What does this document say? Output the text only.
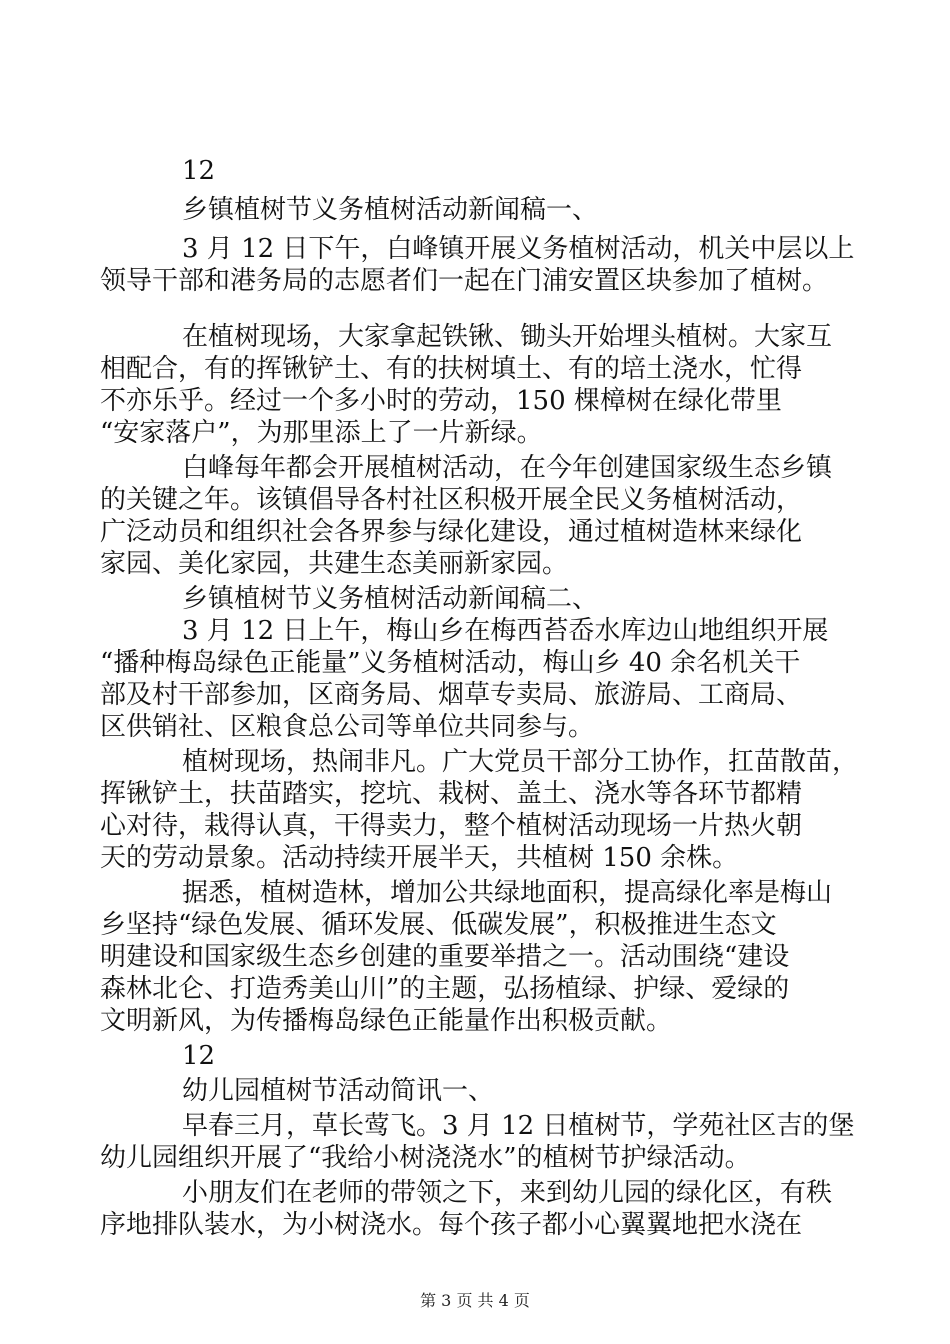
12
乡镇植树节义务植树活动新闻稿一、
3 月 12 日下午，白峰镇开展义务植树活动，机关中层以上
领导干部和港务局的志愿者们一起在门浦安置区块参加了植树。
在植树现场，大家拿起铁锹、锄头开始埋头植树。大家互
相配合，有的挥锹铲土、有的扶树填土、有的培土浇水，忙得
不亦乐乎。经过一个多小时的劳动，150 棵樟树在绿化带里
“安家落户”，为那里添上了一片新绿。
白峰每年都会开展植树活动，在今年创建国家级生态乡镇
的关键之年。该镇倡导各村社区积极开展全民义务植树活动，
广泛动员和组织社会各界参与绿化建设，通过植树造林来绿化
家园、美化家园，共建生态美丽新家园。
乡镇植树节义务植树活动新闻稿二、
3 月 12 日上午，梅山乡在梅西苔岙水库边山地组织开展
“播种梅岛绿色正能量”义务植树活动，梅山乡 40 余名机关干
部及村干部参加，区商务局、烟草专卖局、旅游局、工商局、
区供销社、区粮食总公司等单位共同参与。
植树现场，热闹非凡。广大党员干部分工协作，扛苗散苗，
挥锹铲土，扶苗踏实，挖坑、栽树、盖土、浇水等各环节都精
心对待，栽得认真，干得卖力，整个植树活动现场一片热火朝
天的劳动景象。活动持续开展半天，共植树 150 余株。
据悉，植树造林，增加公共绿地面积，提高绿化率是梅山
乡坚持“绿色发展、循环发展、低碳发展”，积极推进生态文
明建设和国家级生态乡创建的重要举措之一。活动围绕“建设
森林北仑、打造秀美山川”的主题，弘扬植绿、护绿、爱绿的
文明新风，为传播梅岛绿色正能量作出积极贡献。
12
幼儿园植树节活动简讯一、
早春三月，草长莺飞。3 月 12 日植树节，学苑社区吉的堡
幼儿园组织开展了“我给小树浇浇水”的植树节护绿活动。
小朋友们在老师的带领之下，来到幼儿园的绿化区，有秩
序地排队装水，为小树浇水。每个孩子都小心翼翼地把水浇在
第 3 页 共 4 页
